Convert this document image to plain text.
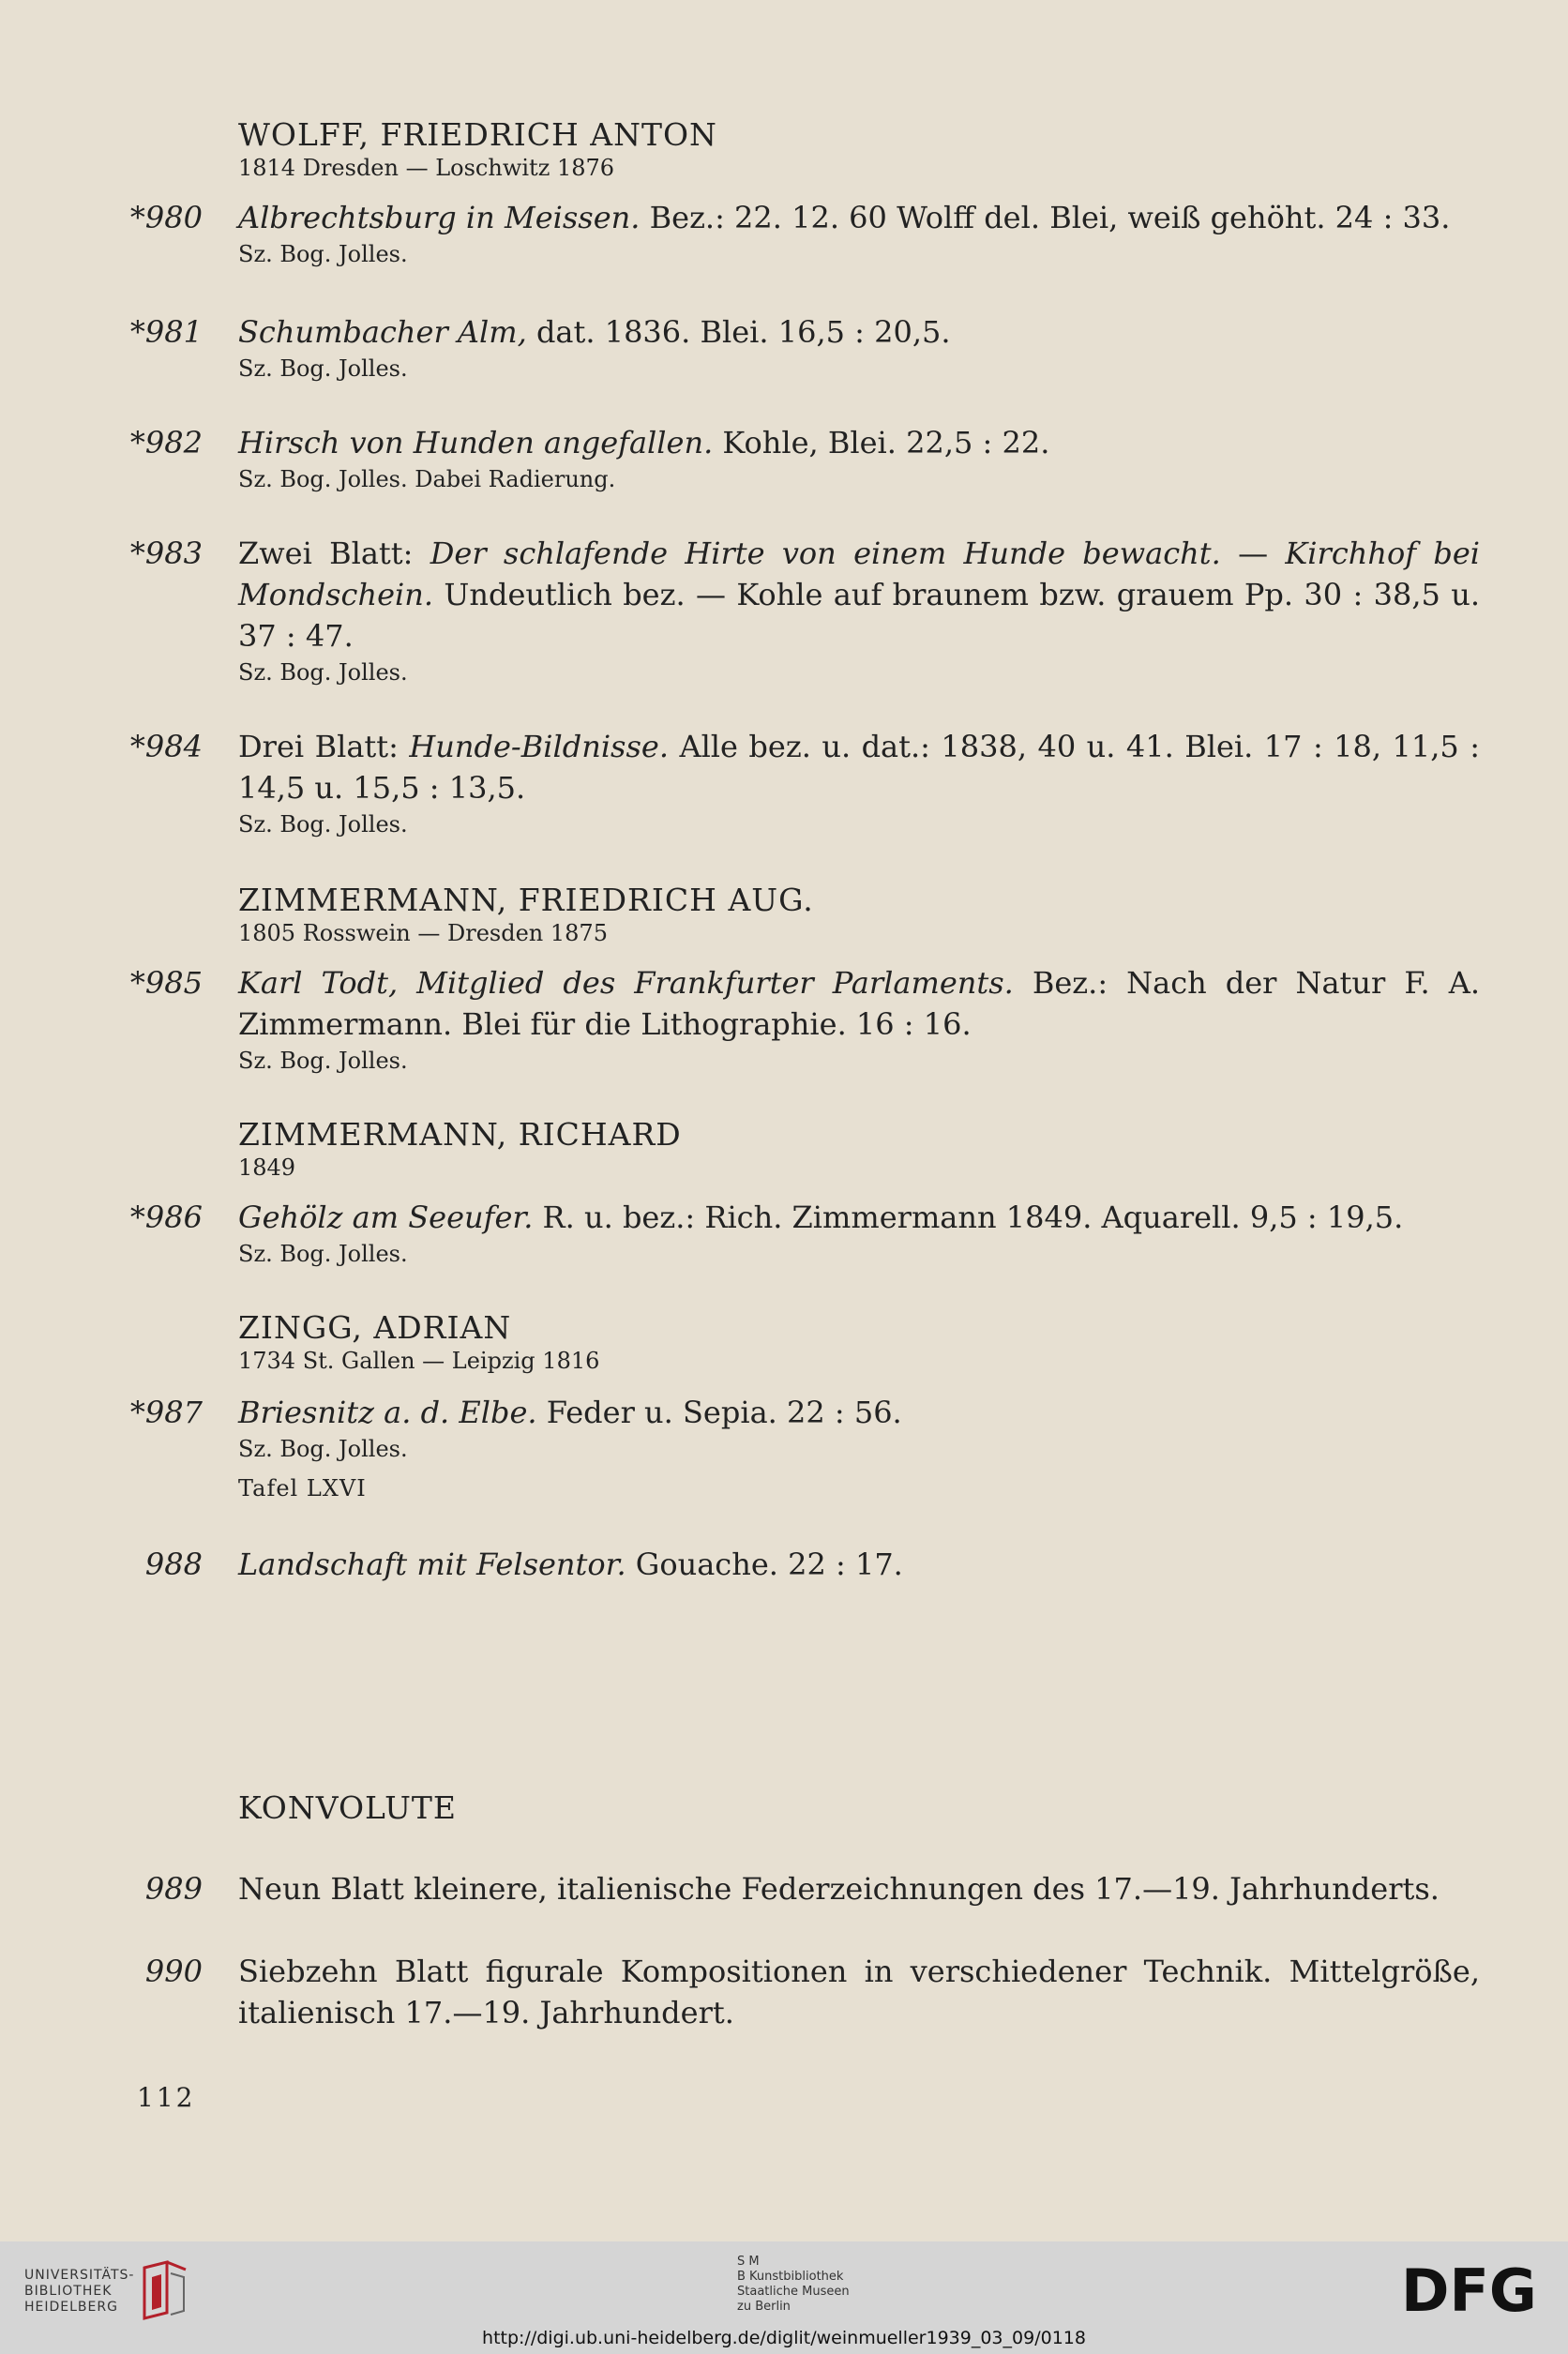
WOLFF, FRIEDRICH ANTON
1814 Dresden — Loschwitz 1876
*980 Albrechtsburg in Meissen. Bez.: 22. 12. 60 Wolff del. Blei, weiß gehöht. 24 : 33.
Sz. Bog. Jolles.
*981 Schumbacher Alm, dat. 1836. Blei. 16,5 : 20,5.
Sz. Bog. Jolles.
*982 Hirsch von Hunden angefallen. Kohle, Blei. 22,5 : 22.
Sz. Bog. Jolles. Dabei Radierung.
*983 Zwei Blatt: Der schlafende Hirte von einem Hunde bewacht. — Kirchhof bei Mondschein. Undeutlich bez. — Kohle auf braunem bzw. grauem Pp. 30 : 38,5 u. 37 : 47.
Sz. Bog. Jolles.
*984 Drei Blatt: Hunde-Bildnisse. Alle bez. u. dat.: 1838, 40 u. 41. Blei. 17 : 18, 11,5 : 14,5 u. 15,5 : 13,5.
Sz. Bog. Jolles.
ZIMMERMANN, FRIEDRICH AUG.
1805 Rosswein — Dresden 1875
*985 Karl Todt, Mitglied des Frankfurter Parlaments. Bez.: Nach der Natur F. A. Zimmermann. Blei für die Lithographie. 16 : 16.
Sz. Bog. Jolles.
ZIMMERMANN, RICHARD
1849
*986 Gehölz am Seeufer. R. u. bez.: Rich. Zimmermann 1849. Aquarell. 9,5 : 19,5.
Sz. Bog. Jolles.
ZINGG, ADRIAN
1734 St. Gallen — Leipzig 1816
*987 Briesnitz a. d. Elbe. Feder u. Sepia. 22 : 56.
Sz. Bog. Jolles.
Tafel LXVI
988 Landschaft mit Felsentor. Gouache. 22 : 17.
KONVOLUTE
989 Neun Blatt kleinere, italienische Federzeichnungen des 17.—19. Jahrhunderts.
990 Siebzehn Blatt figurale Kompositionen in verschiedener Technik. Mittelgröße, italienisch 17.—19. Jahrhundert.
112
UNIVERSITÄTS-
BIBLIOTHEK
HEIDELBERG
S M
B Kunstbibliothek
Staatliche Museen
zu Berlin	DFG
http://digi.ub.uni-heidelberg.de/diglit/weinmueller1939_03_09/0118
